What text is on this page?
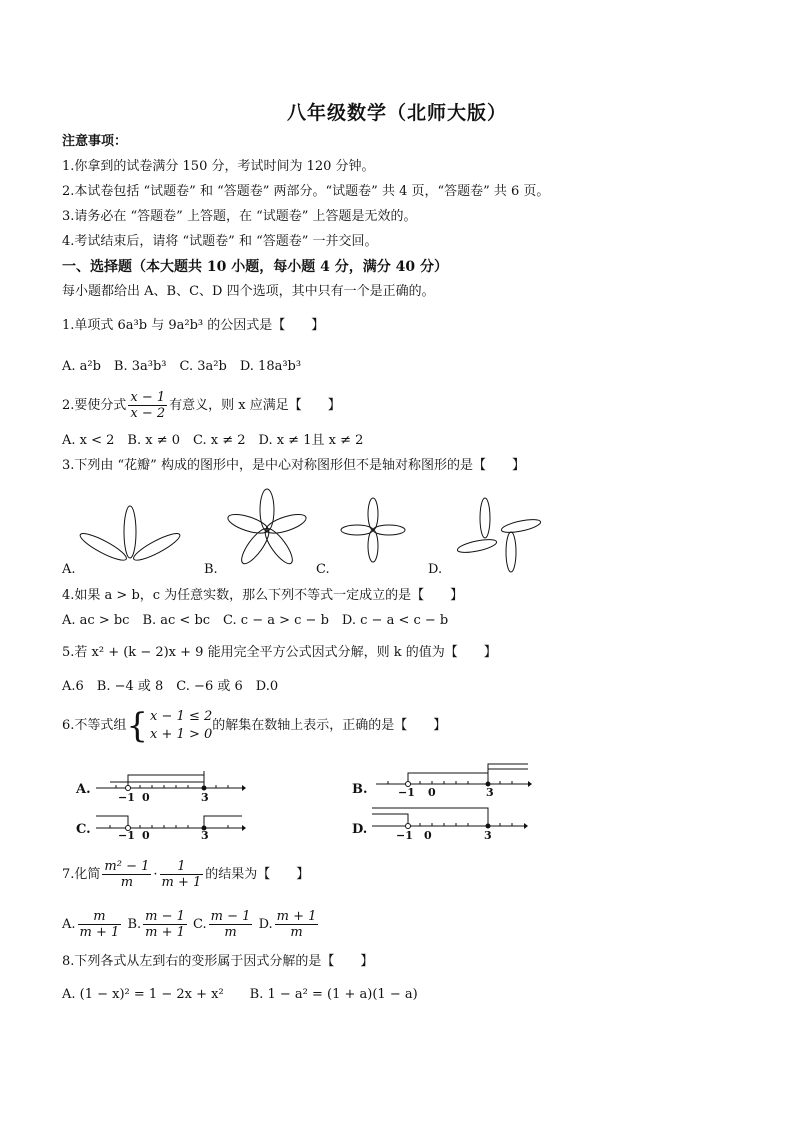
八年级数学（北师大版）
注意事项：
1.你拿到的试卷满分 150 分，考试时间为 120 分钟。
2.本试卷包括 “试题卷” 和 “答题卷” 两部分。“试题卷” 共 4 页，“答题卷” 共 6 页。
3.请务必在 “答题卷” 上答题，在 “试题卷” 上答题是无效的。
4.考试结束后，请将 “试题卷” 和 “答题卷” 一并交回。
一、选择题（本大题共 10 小题，每小题 4 分，满分 40 分）
每小题都给出 A、B、C、D 四个选项，其中只有一个是正确的。
1.单项式 6a³b 与 9a²b³ 的公因式是【　　】
A. a²b　B. 3a³b³　C. 3a²b　D. 18a³b³
2.要使分式 $\frac{x - 1}{x - 2}$ 有意义，则 x 应满足【　　】
A. x < 2　B. x ≠ 0　C. x ≠ 2　D. x ≠ 1且 x ≠ 2
3.下列由 “花瓣” 构成的图形中，是中心对称图形但不是轴对称图形的是【　　】
A.	B.	C.	D.
4.如果 a > b，c 为任意实数，那么下列不等式一定成立的是【　　】
A. ac > bc　B. ac < bc　C. c − a > c − b　D. c − a < c − b
5.若 x² + (k − 2)x + 9 能用完全平方公式因式分解，则 k 的值为【　　】
A.6　B. −4 或 8　C. −6 或 6　D.0
6.不等式组 { x − 1 ≤ 2
x + 1 > 0
的解集在数轴上表示，正确的是【　　】
A.
−1 0	3
B.	−1 0	3
C. −1 0	3	D.	−1 0	3
7.化简 $\frac{\text{m² − 1}}{m} \cdot \frac{1}{m + 1}$ 的结果为【　　】
A. $\frac{m}{m + 1} B$. $\frac{m - 1}{m + 1} C$. $\frac{m - 1}{m} D$. $\frac{m + 1}{m}$
8.下列各式从左到右的变形属于因式分解的是【　　】
A. (1 − x)² = 1 − 2x + x²　　B. 1 − a² = (1 + a)(1 − a)
